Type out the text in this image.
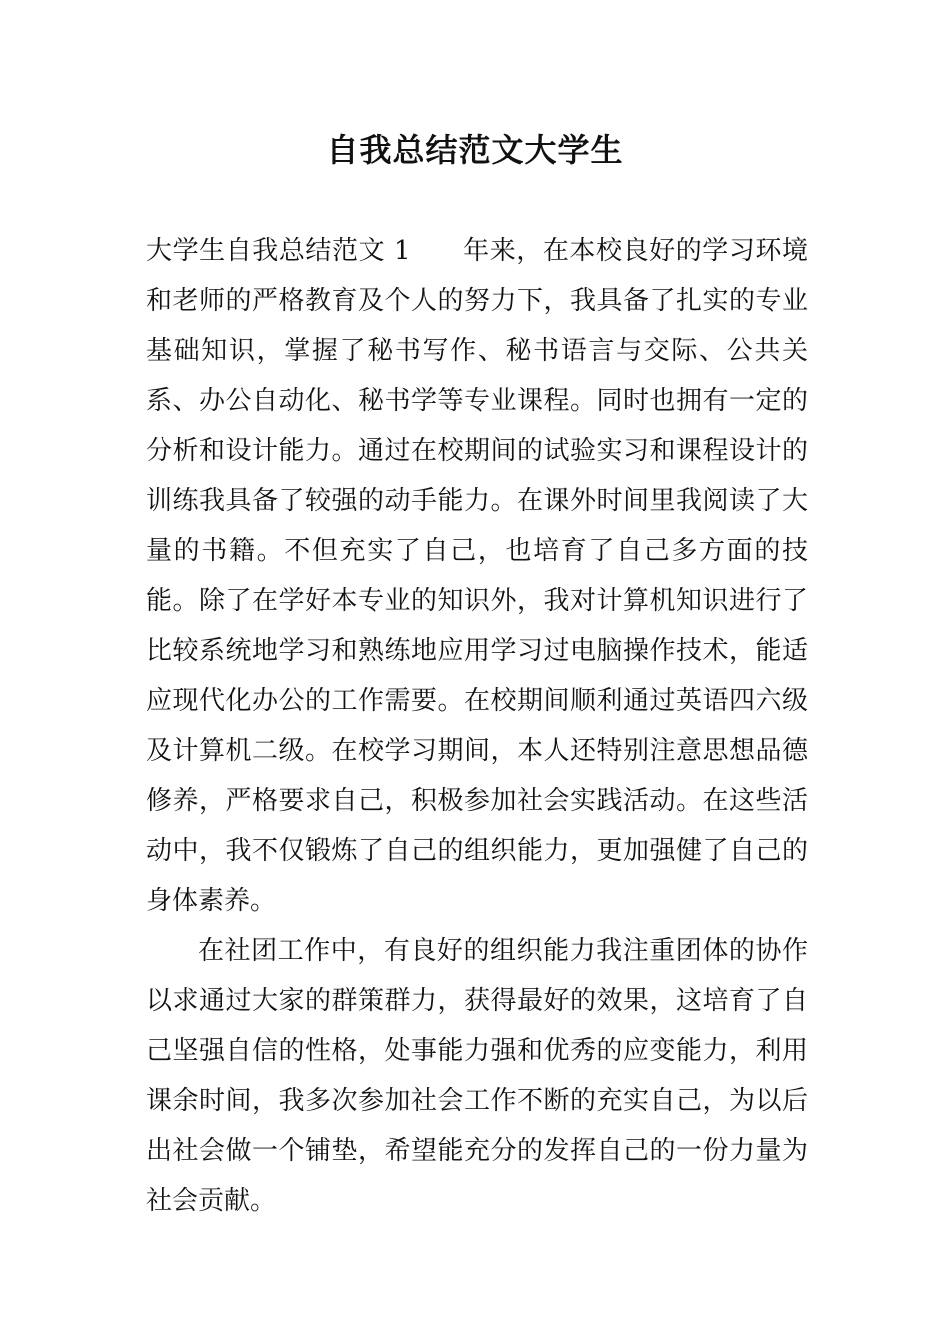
自我总结范文大学生

大学生自我总结范文 1 年来，在本校良好的学习环境和老师的严格教育及个人的努力下，我具备了扎实的专业基础知识，掌握了秘书写作、秘书语言与交际、公共关系、办公自动化、秘书学等专业课程。同时也拥有一定的分析和设计能力。通过在校期间的试验实习和课程设计的训练我具备了较强的动手能力。在课外时间里我阅读了大量的书籍。不但充实了自己，也培育了自己多方面的技能。除了在学好本专业的知识外，我对计算机知识进行了比较系统地学习和熟练地应用学习过电脑操作技术，能适应现代化办公的工作需要。在校期间顺利通过英语四六级及计算机二级。在校学习期间，本人还特别注意思想品德修养，严格要求自己，积极参加社会实践活动。在这些活动中，我不仅锻炼了自己的组织能力，更加强健了自己的身体素养。

在社团工作中，有良好的组织能力我注重团体的协作以求通过大家的群策群力，获得最好的效果，这培育了自己坚强自信的性格，处事能力强和优秀的应变能力，利用课余时间，我多次参加社会工作不断的充实自己，为以后出社会做一个铺垫，希望能充分的发挥自己的一份力量为社会贡献。
